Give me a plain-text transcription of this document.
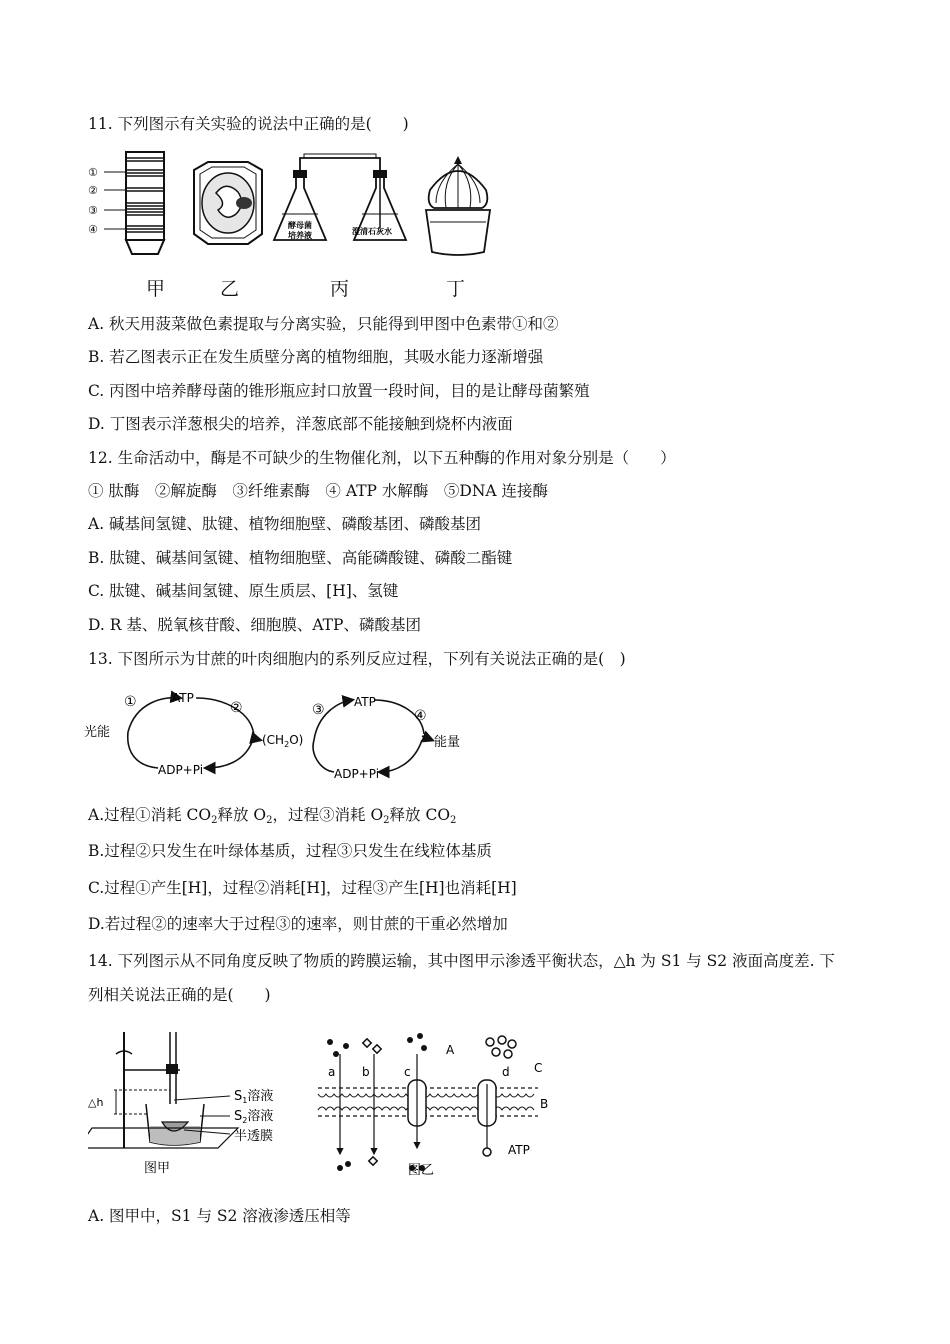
11. 下列图示有关实验的说法中正确的是(　　)
①
②
③
④	酵母菌
培养液	澄清石灰水
甲	乙	丙	丁
A. 秋天用菠菜做色素提取与分离实验，只能得到甲图中色素带①和②
B. 若乙图表示正在发生质壁分离的植物细胞，其吸水能力逐渐增强
C. 丙图中培养酵母菌的锥形瓶应封口放置一段时间，目的是让酵母菌繁殖
D. 丁图表示洋葱根尖的培养，洋葱底部不能接触到烧杯内液面
12. 生命活动中，酶是不可缺少的生物催化剂，以下五种酶的作用对象分别是（　　）
① 肽酶　②解旋酶　③纤维素酶　④ ATP 水解酶　⑤DNA 连接酶
A. 碱基间氢键、肽键、植物细胞壁、磷酸基团、磷酸基团
B. 肽键、碱基间氢键、植物细胞壁、高能磷酸键、磷酸二酯键
C. 肽键、碱基间氢键、原生质层、[H]、氢键
D. R 基、脱氧核苷酸、细胞膜、ATP、磷酸基团
13. 下图所示为甘蔗的叶肉细胞内的系列反应过程，下列有关说法正确的是(　)
光能
①	ATP
②
ADP+Pi
$(CH_2O)$
③ ATP
④
ADP+Pi
能量
A.过程①消耗 $CO_2$释放 $O_2$，过程③消耗 $O_2$释放 $CO_2$
B.过程②只发生在叶绿体基质，过程③只发生在线粒体基质
C.过程①产生[H]，过程②消耗[H]，过程③产生[H]也消耗[H]
D.若过程②的速率大于过程③的速率，则甘蔗的干重必然增加
14. 下列图示从不同角度反映了物质的跨膜运输，其中图甲示渗透平衡状态，△h 为 S1 与 S2 液面高度差. 下
列相关说法正确的是(　　)
△h	$S_1$溶液
$S_2$溶液
半透膜
图甲
a b	c	d
A
B
C
ATP
图乙
A. 图甲中，S1 与 S2 溶液渗透压相等
